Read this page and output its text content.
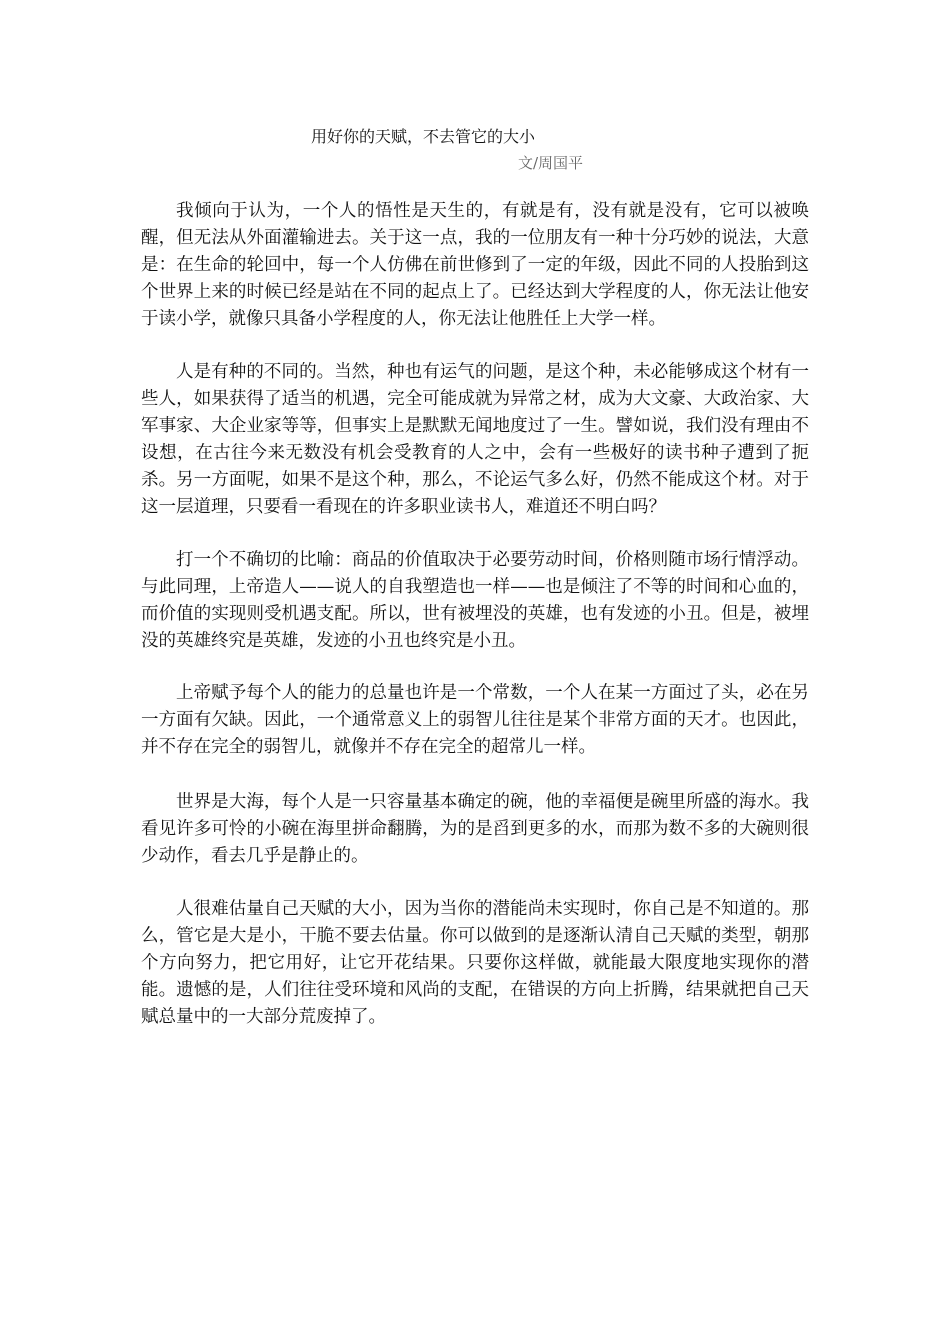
用好你的天赋，不去管它的大小
文/周国平

我倾向于认为，一个人的悟性是天生的，有就是有，没有就是没有，它可以被唤醒，但无法从外面灌输进去。关于这一点，我的一位朋友有一种十分巧妙的说法，大意是：在生命的轮回中，每一个人仿佛在前世修到了一定的年级，因此不同的人投胎到这个世界上来的时候已经是站在不同的起点上了。已经达到大学程度的人，你无法让他安于读小学，就像只具备小学程度的人，你无法让他胜任上大学一样。

人是有种的不同的。当然，种也有运气的问题，是这个种，未必能够成这个材有一些人，如果获得了适当的机遇，完全可能成就为异常之材，成为大文豪、大政治家、大军事家、大企业家等等，但事实上是默默无闻地度过了一生。譬如说，我们没有理由不设想，在古往今来无数没有机会受教育的人之中，会有一些极好的读书种子遭到了扼杀。另一方面呢，如果不是这个种，那么，不论运气多么好，仍然不能成这个材。对于这一层道理，只要看一看现在的许多职业读书人，难道还不明白吗？

打一个不确切的比喻：商品的价值取决于必要劳动时间，价格则随市场行情浮动。与此同理，上帝造人——说人的自我塑造也一样——也是倾注了不等的时间和心血的，而价值的实现则受机遇支配。所以，世有被埋没的英雄，也有发迹的小丑。但是，被埋没的英雄终究是英雄，发迹的小丑也终究是小丑。

上帝赋予每个人的能力的总量也许是一个常数，一个人在某一方面过了头，必在另一方面有欠缺。因此，一个通常意义上的弱智儿往往是某个非常方面的天才。也因此，并不存在完全的弱智儿，就像并不存在完全的超常儿一样。

世界是大海，每个人是一只容量基本确定的碗，他的幸福便是碗里所盛的海水。我看见许多可怜的小碗在海里拼命翻腾，为的是舀到更多的水，而那为数不多的大碗则很少动作，看去几乎是静止的。

人很难估量自己天赋的大小，因为当你的潜能尚未实现时，你自己是不知道的。那么，管它是大是小，干脆不要去估量。你可以做到的是逐渐认清自己天赋的类型，朝那个方向努力，把它用好，让它开花结果。只要你这样做，就能最大限度地实现你的潜能。遗憾的是，人们往往受环境和风尚的支配，在错误的方向上折腾，结果就把自己天赋总量中的一大部分荒废掉了。
